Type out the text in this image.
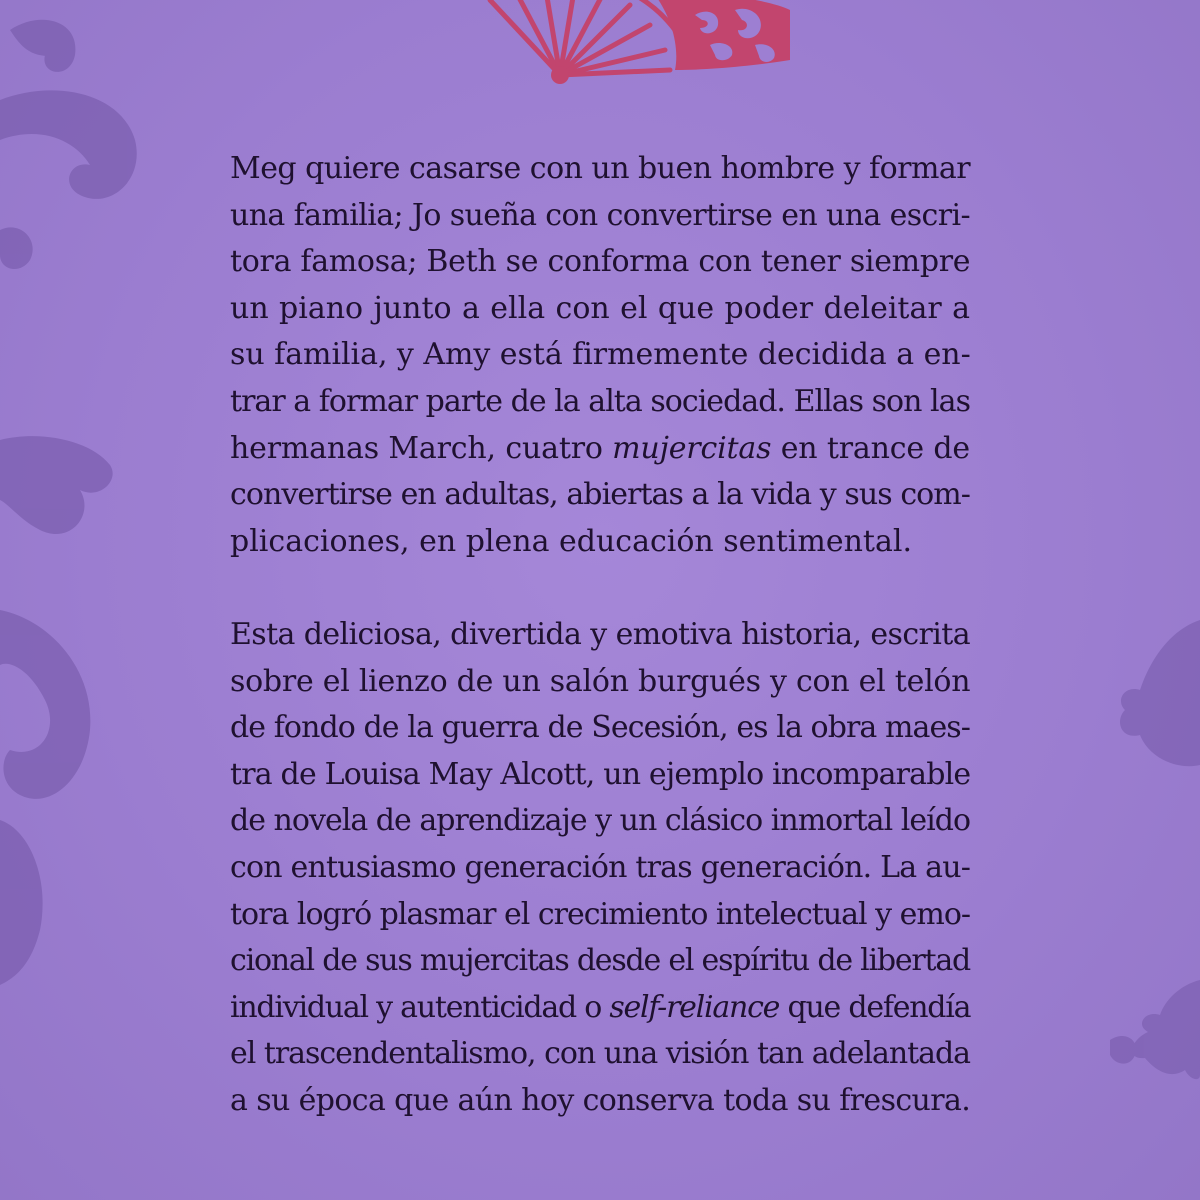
Meg quiere casarse con un buen hombre y formar
una familia; Jo sueña con convertirse en una escri-
tora famosa; Beth se conforma con tener siempre
un piano junto a ella con el que poder deleitar a
su familia, y Amy está firmemente decidida a en-
trar a formar parte de la alta sociedad. Ellas son las
hermanas March, cuatro mujercitas en trance de
convertirse en adultas, abiertas a la vida y sus com-
plicaciones, en plena educación sentimental.
Esta deliciosa, divertida y emotiva historia, escrita
sobre el lienzo de un salón burgués y con el telón
de fondo de la guerra de Secesión, es la obra maes-
tra de Louisa May Alcott, un ejemplo incomparable
de novela de aprendizaje y un clásico inmortal leído
con entusiasmo generación tras generación. La au-
tora logró plasmar el crecimiento intelectual y emo-
cional de sus mujercitas desde el espíritu de libertad
individual y autenticidad o self-reliance que defendía
el trascendentalismo, con una visión tan adelantada
a su época que aún hoy conserva toda su frescura.
